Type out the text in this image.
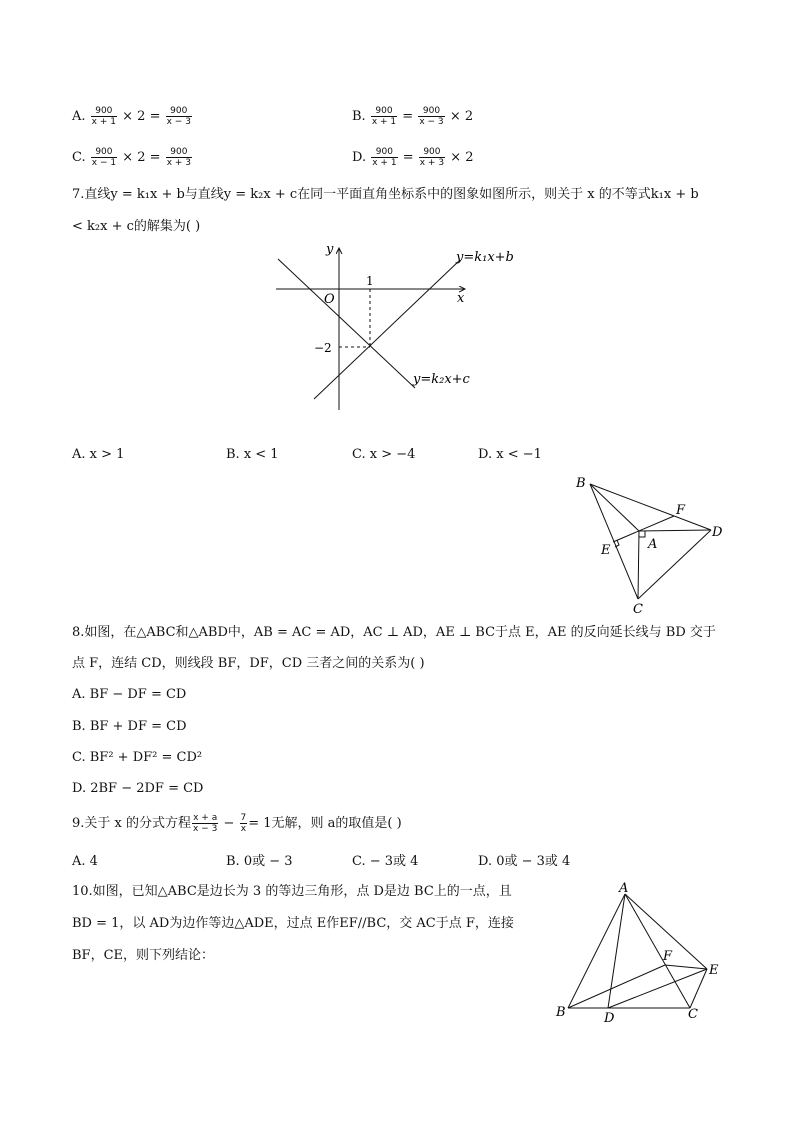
A. $\frac{900}{x + 1} \times 2 = \frac{900}{x - 3}$	B. $\frac{900}{x + 1} = \frac{900}{x - 3} \times 2$
C. $\frac{900}{x - 1} \times 2 = \frac{900}{x + 3}$	D. $\frac{900}{x + 1} = \frac{900}{x + 3} \times 2$
7.直线y = k₁x + b与直线y = k₂x + c在同一平面直角坐标系中的图象如图所示，则关于 x 的不等式k₁x + b
< k₂x + c的解集为( )
y
x
O
1
−2
y=k₁x+b
y=k₂x+c
A. x > 1	B. x < 1	C. x > −4	D. x < −1
B
F
D
E	A
C
8.如图，在△ABC和△ABD中，AB = AC = AD，AC ⊥ AD，AE ⊥ BC于点 E，AE 的反向延长线与 BD 交于
点 F，连结 CD，则线段 BF，DF，CD 三者之间的关系为( )
A. BF − DF = CD
B. BF + DF = CD
C. BF² + DF² = CD²
D. 2BF − 2DF = CD
9.关于 x 的分式方程 $\frac{x + a}{x - 3} - \frac{7}{x} = 1$无解，则 a的取值是( )
A. 4	B. 0或 − 3	C. − 3或 4	D. 0或 − 3或 4
10.如图，已知△ABC是边长为 3 的等边三角形，点 D是边 BC上的一点，且
BD = 1，以 AD为边作等边△ADE，过点 E作EF//BC，交 AC于点 F，连接
BF，CE，则下列结论：
A
F
E
B	D	C
